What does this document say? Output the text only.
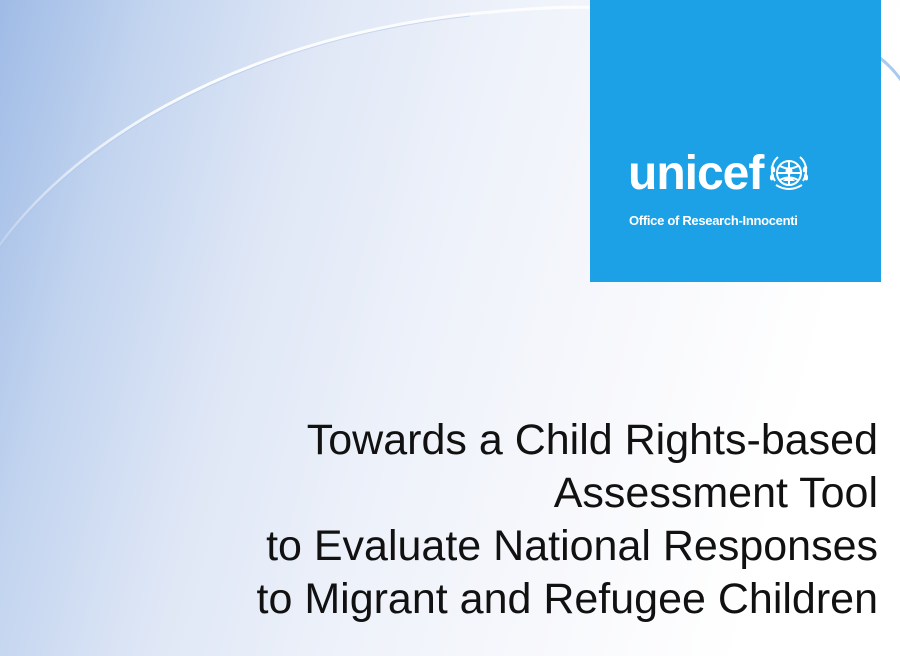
unicef
Office of Research-Innocenti
Towards a Child Rights-based
Assessment Tool
to Evaluate National Responses
to Migrant and Refugee Children
